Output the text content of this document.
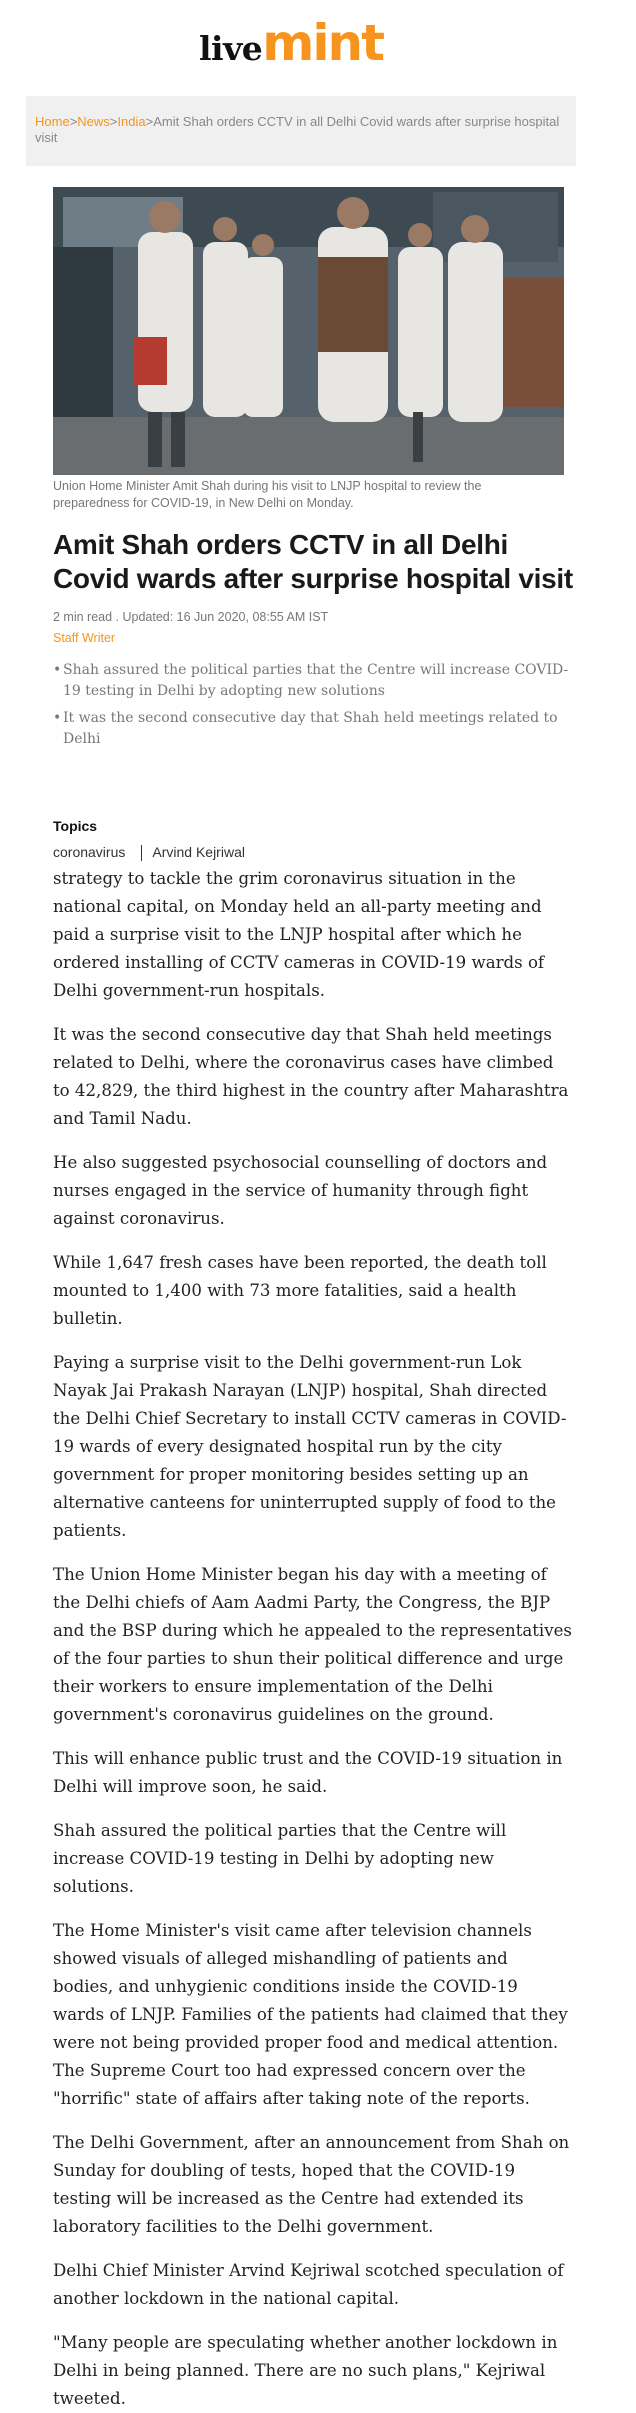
livemint
Home>News>India>Amit Shah orders CCTV in all Delhi Covid wards after surprise hospital visit
Union Home Minister Amit Shah during his visit to LNJP hospital to review the preparedness for COVID-19, in New Delhi on Monday.
Amit Shah orders CCTV in all Delhi Covid wards after surprise hospital visit
2 min read . Updated: 16 Jun 2020, 08:55 AM IST
Staff Writer
• Shah assured the political parties that the Centre will increase COVID-19 testing in Delhi by adopting new solutions
• It was the second consecutive day that Shah held meetings related to Delhi
Topics
coronavirus Arvind Kejriwal

strategy to tackle the grim coronavirus situation in the national capital, on Monday held an all-party meeting and paid a surprise visit to the LNJP hospital after which he ordered installing of CCTV cameras in COVID-19 wards of Delhi government-run hospitals.

It was the second consecutive day that Shah held meetings related to Delhi, where the coronavirus cases have climbed to 42,829, the third highest in the country after Maharashtra and Tamil Nadu.

He also suggested psychosocial counselling of doctors and nurses engaged in the service of humanity through fight against coronavirus.

While 1,647 fresh cases have been reported, the death toll mounted to 1,400 with 73 more fatalities, said a health bulletin.

Paying a surprise visit to the Delhi government-run Lok Nayak Jai Prakash Narayan (LNJP) hospital, Shah directed the Delhi Chief Secretary to install CCTV cameras in COVID-19 wards of every designated hospital run by the city government for proper monitoring besides setting up an alternative canteens for uninterrupted supply of food to the patients.

The Union Home Minister began his day with a meeting of the Delhi chiefs of Aam Aadmi Party, the Congress, the BJP and the BSP during which he appealed to the representatives of the four parties to shun their political difference and urge their workers to ensure implementation of the Delhi government's coronavirus guidelines on the ground.

This will enhance public trust and the COVID-19 situation in Delhi will improve soon, he said.

Shah assured the political parties that the Centre will increase COVID-19 testing in Delhi by adopting new solutions.

The Home Minister's visit came after television channels showed visuals of alleged mishandling of patients and bodies, and unhygienic conditions inside the COVID-19 wards of LNJP. Families of the patients had claimed that they were not being provided proper food and medical attention. The Supreme Court too had expressed concern over the "horrific" state of affairs after taking note of the reports.

The Delhi Government, after an announcement from Shah on Sunday for doubling of tests, hoped that the COVID-19 testing will be increased as the Centre had extended its laboratory facilities to the Delhi government.

Delhi Chief Minister Arvind Kejriwal scotched speculation of another lockdown in the national capital.

"Many people are speculating whether another lockdown in Delhi in being planned. There are no such plans," Kejriwal tweeted.
